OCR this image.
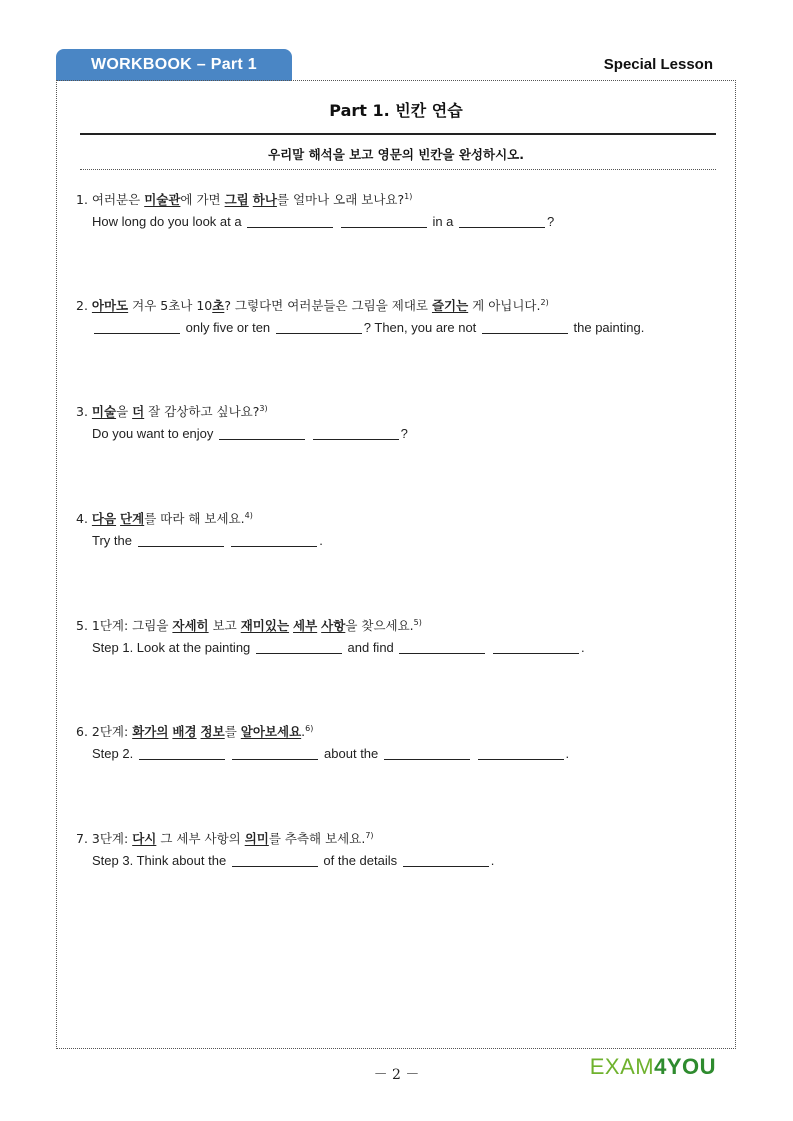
WORKBOOK – Part 1	Special Lesson
Part 1. 빈칸 연습
우리말 해석을 보고 영문의 빈칸을 완성하시오.
1. 여러분은 미술관에 가면 그림 하나를 얼마나 오래 보나요?$^{1)}$
How long do you look at a	in a	?
2. 아마도 겨우 5초나 10초? 그렇다면 여러분들은 그림을 제대로 즐기는 게 아닙니다.$^{2)}$
only five or ten	? Then, you are not	the painting.
3. 미술을 더 잘 감상하고 싶나요?$^{3)}$
Do you want to enjoy	?
4. 다음 단계를 따라 해 보세요.$^{4)}$
Try the	.
5. 1단계: 그림을 자세히 보고 재미있는 세부 사항을 찾으세요.$^{5)}$
Step 1. Look at the painting	and find	.
6. 2단계: 화가의 배경 정보를 알아보세요.$^{6)}$
Step 2.	about the	.
7. 3단계: 다시 그 세부 사항의 의미를 추측해 보세요.$^{7)}$
Step 3. Think about the	of the details	.
－ 2 －	EXAM4YOU
